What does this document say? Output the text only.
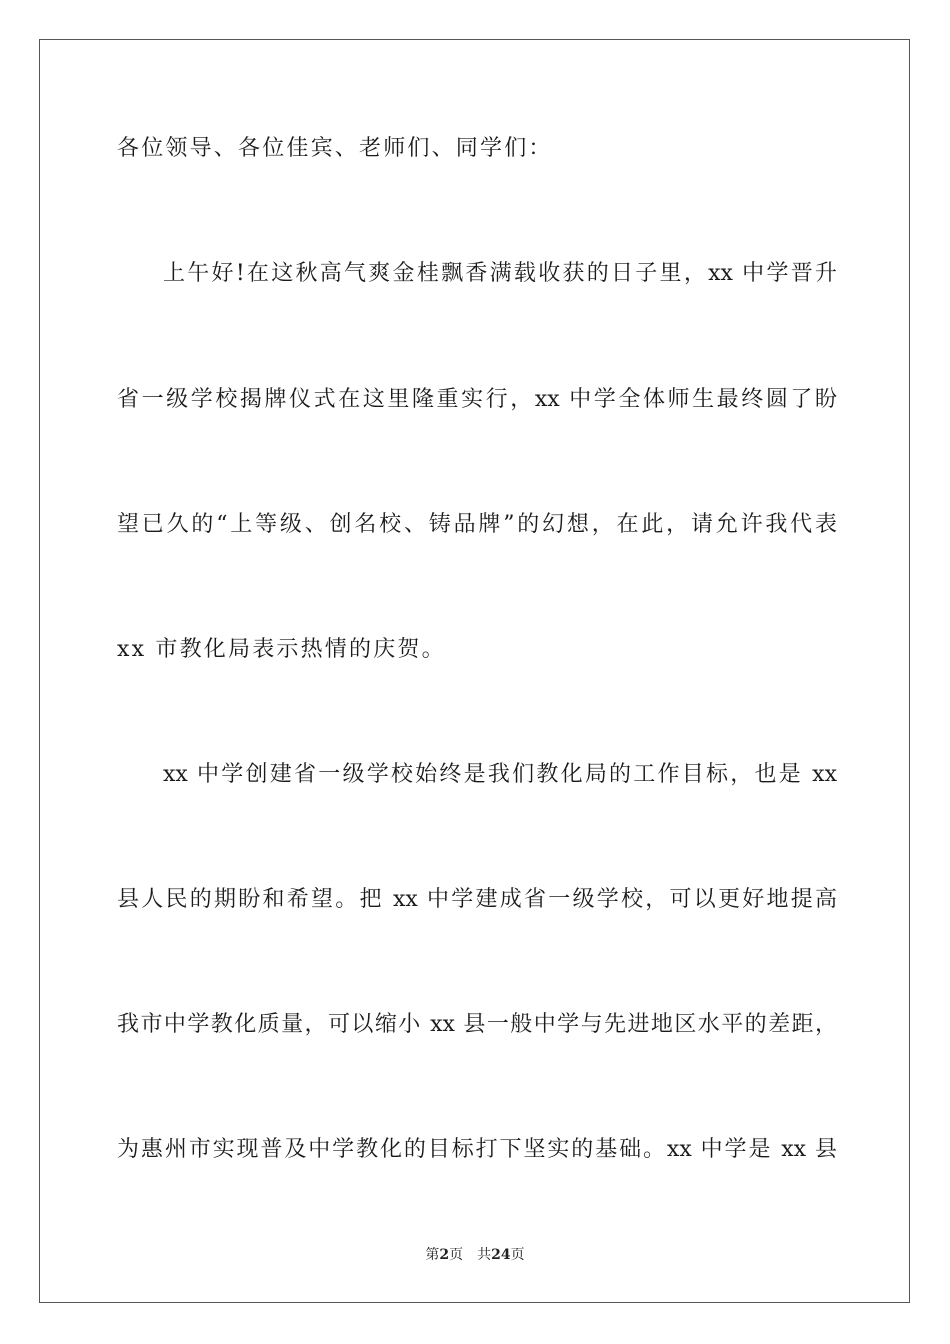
各位领导、各位佳宾、老师们、同学们：
上午好!在这秋高气爽金桂飘香满载收获的日子里，xx 中学晋升
省一级学校揭牌仪式在这里隆重实行，xx 中学全体师生最终圆了盼
望已久的“上等级、创名校、铸品牌”的幻想，在此，请允许我代表
xx 市教化局表示热情的庆贺。
xx 中学创建省一级学校始终是我们教化局的工作目标，也是 xx
县人民的期盼和希望。把 xx 中学建成省一级学校，可以更好地提高
我市中学教化质量，可以缩小 xx 县一般中学与先进地区水平的差距，
为惠州市实现普及中学教化的目标打下坚实的基础。xx 中学是 xx 县
第2页 共24页
